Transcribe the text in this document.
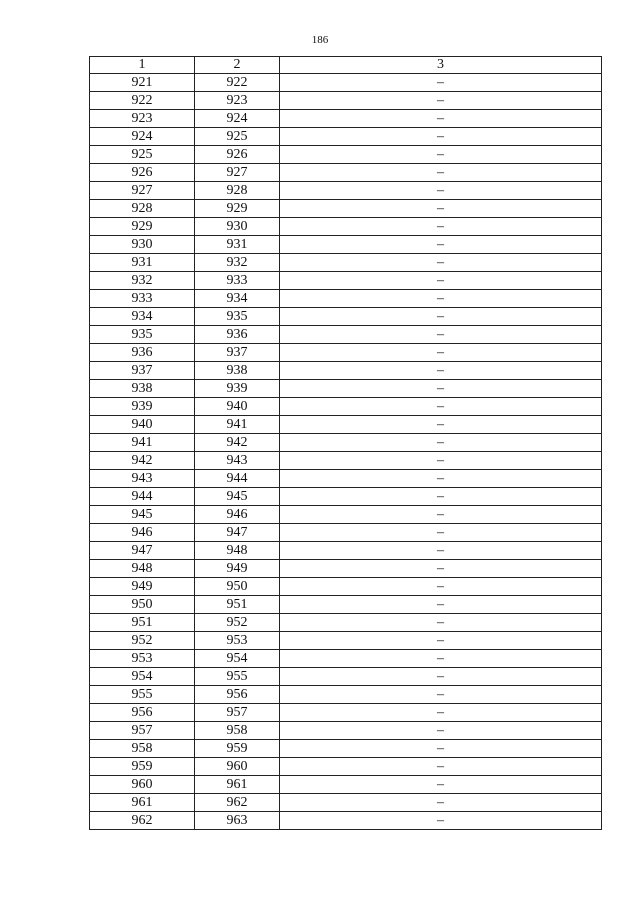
186
1	2	3
921	922	–
922	923	–
923	924	–
924	925	–
925	926	–
926	927	–
927	928	–
928	929	–
929	930	–
930	931	–
931	932	–
932	933	–
933	934	–
934	935	–
935	936	–
936	937	–
937	938	–
938	939	–
939	940	–
940	941	–
941	942	–
942	943	–
943	944	–
944	945	–
945	946	–
946	947	–
947	948	–
948	949	–
949	950	–
950	951	–
951	952	–
952	953	–
953	954	–
954	955	–
955	956	–
956	957	–
957	958	–
958	959	–
959	960	–
960	961	–
961	962	–
962	963	–
